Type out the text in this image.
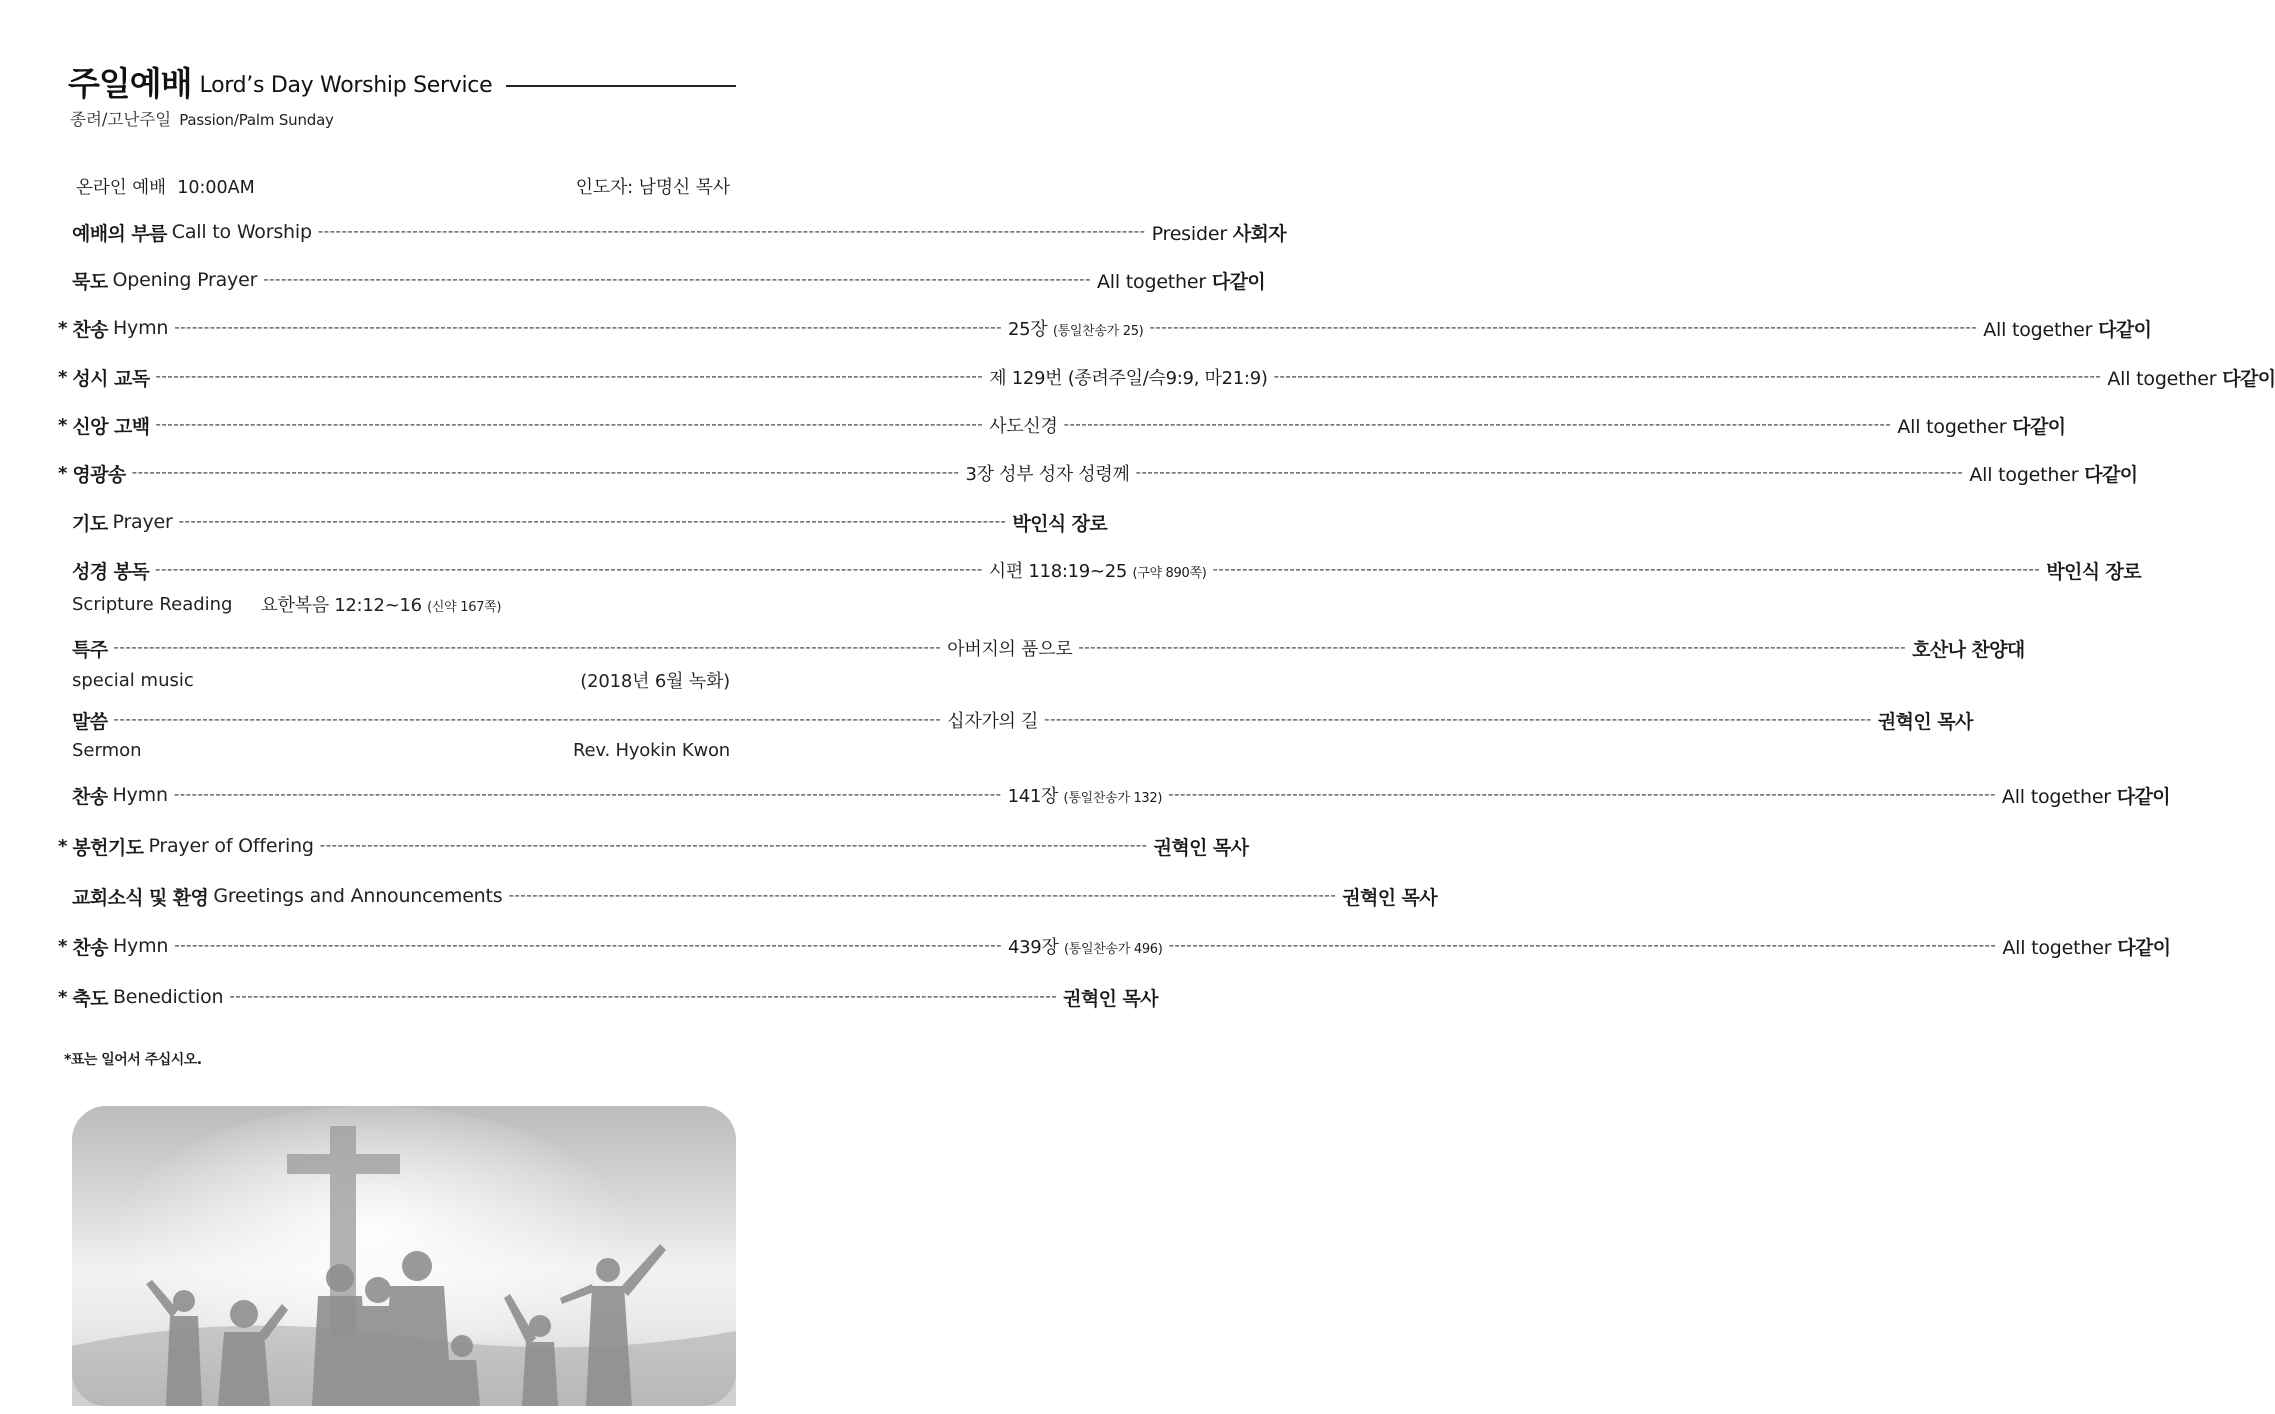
주일예배 Lord’s Day Worship Service
종려/고난주일 Passion/Palm Sunday
온라인 예배  10:00AM	인도자: 남명신 목사
예배의 부름 Call to Worship -------------------------------------------------------------------------------------------------------------------------------------------- Presider 사회자
묵도 Opening Prayer -------------------------------------------------------------------------------------------------------------------------------------------- All together 다같이
* 찬송 Hymn -------------------------------------------------------------------------------------------------------------------------------------------- 25장 (통일찬송가 25) -------------------------------------------------------------------------------------------------------------------------------------------- All together 다같이
* 성시 교독 -------------------------------------------------------------------------------------------------------------------------------------------- 제 129번 (종려주일/슥9:9, 마21:9) -------------------------------------------------------------------------------------------------------------------------------------------- All together 다같이
* 신앙 고백 -------------------------------------------------------------------------------------------------------------------------------------------- 사도신경 -------------------------------------------------------------------------------------------------------------------------------------------- All together 다같이
* 영광송 -------------------------------------------------------------------------------------------------------------------------------------------- 3장 성부 성자 성령께 -------------------------------------------------------------------------------------------------------------------------------------------- All together 다같이
기도 Prayer -------------------------------------------------------------------------------------------------------------------------------------------- 박인식 장로
성경 봉독 -------------------------------------------------------------------------------------------------------------------------------------------- 시편 118:19~25 (구약 890쪽) -------------------------------------------------------------------------------------------------------------------------------------------- 박인식 장로
Scripture Reading 요한복음 12:12~16 (신약 167쪽)
특주 -------------------------------------------------------------------------------------------------------------------------------------------- 아버지의 품으로 -------------------------------------------------------------------------------------------------------------------------------------------- 호산나 찬양대
special music	(2018년 6월 녹화)
말씀 -------------------------------------------------------------------------------------------------------------------------------------------- 십자가의 길 -------------------------------------------------------------------------------------------------------------------------------------------- 권혁인 목사
Sermon	Rev. Hyokin Kwon
찬송 Hymn -------------------------------------------------------------------------------------------------------------------------------------------- 141장 (통일찬송가 132) -------------------------------------------------------------------------------------------------------------------------------------------- All together 다같이
* 봉헌기도 Prayer of Offering -------------------------------------------------------------------------------------------------------------------------------------------- 권혁인 목사
교회소식 및 환영 Greetings and Announcements -------------------------------------------------------------------------------------------------------------------------------------------- 권혁인 목사
* 찬송 Hymn -------------------------------------------------------------------------------------------------------------------------------------------- 439장 (통일찬송가 496) -------------------------------------------------------------------------------------------------------------------------------------------- All together 다같이
* 축도 Benediction -------------------------------------------------------------------------------------------------------------------------------------------- 권혁인 목사
*표는 일어서 주십시오.
